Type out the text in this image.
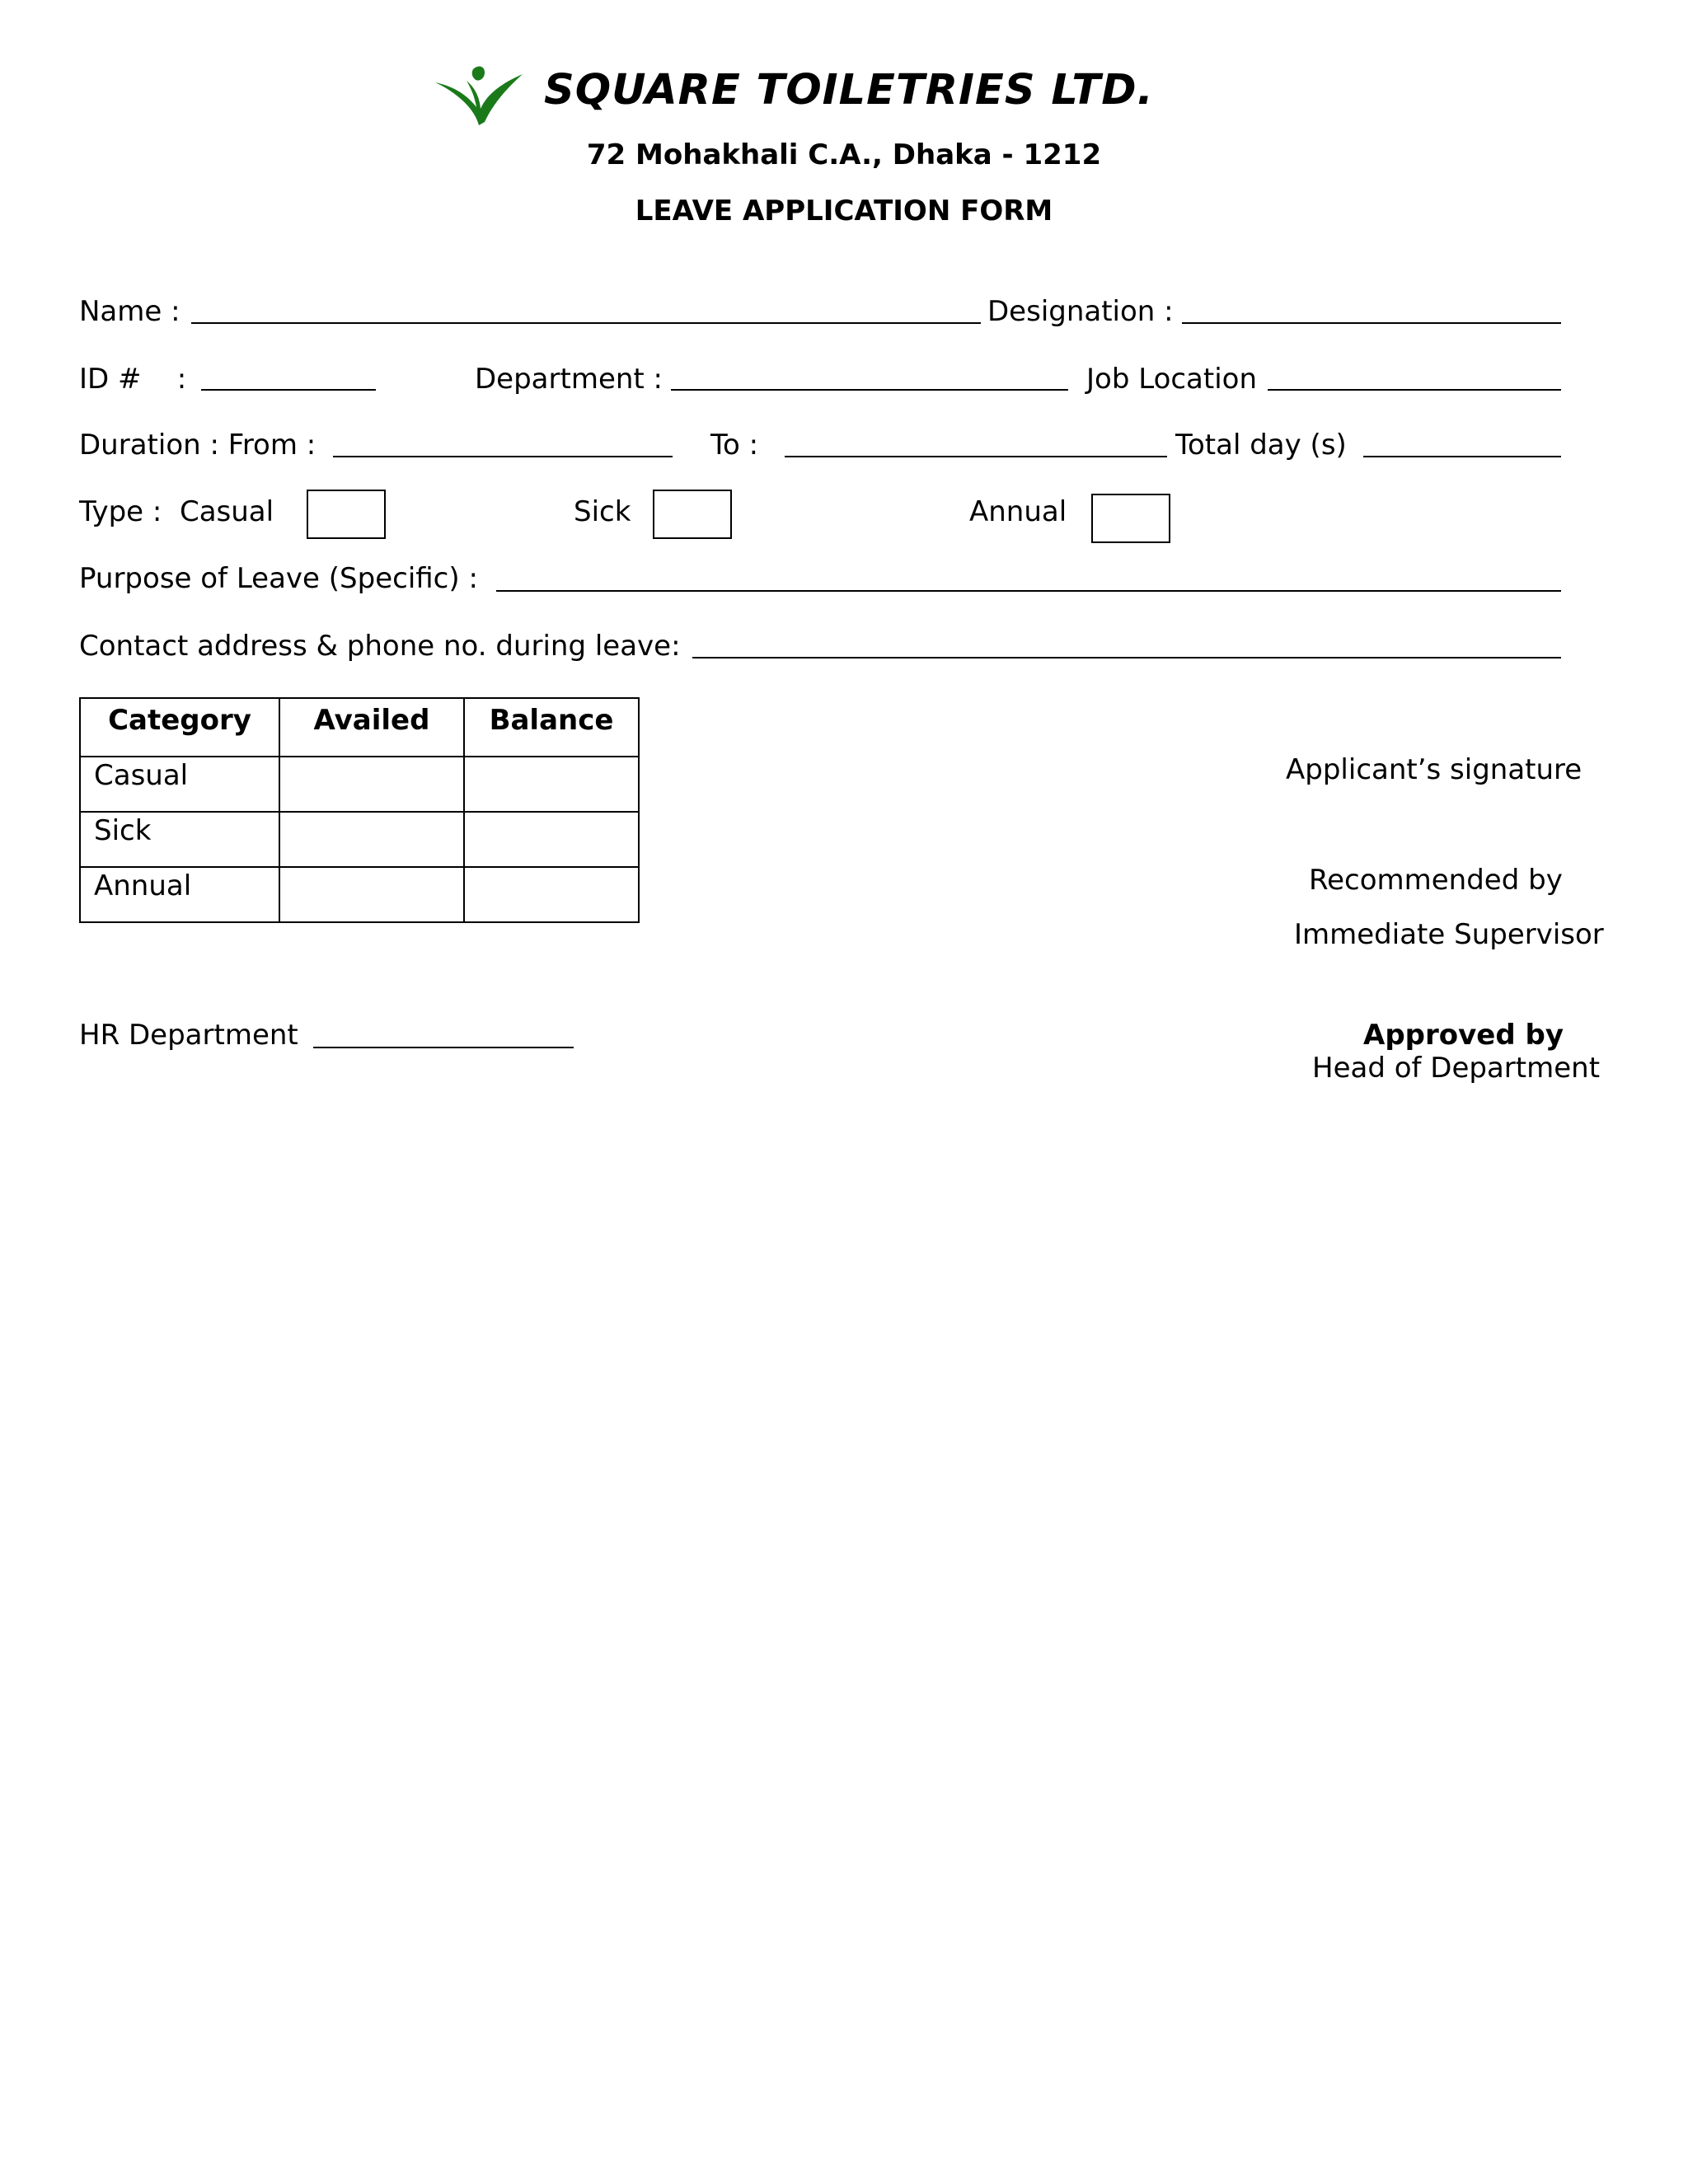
SQUARE TOILETRIES LTD.
72 Mohakhali C.A., Dhaka - 1212
LEAVE APPLICATION FORM
Name :	Designation :
ID #    :	Department :	Job Location
Duration : From :	To :	Total day (s)
Type :  Casual	Sick	Annual
Purpose of Leave (Specific) :
Contact address & phone no. during leave:
Category	Availed	Balance
Casual		
Sick		
Annual		
Applicant’s signature
Recommended by
Immediate Supervisor
HR Department	Approved by
Head of Department
